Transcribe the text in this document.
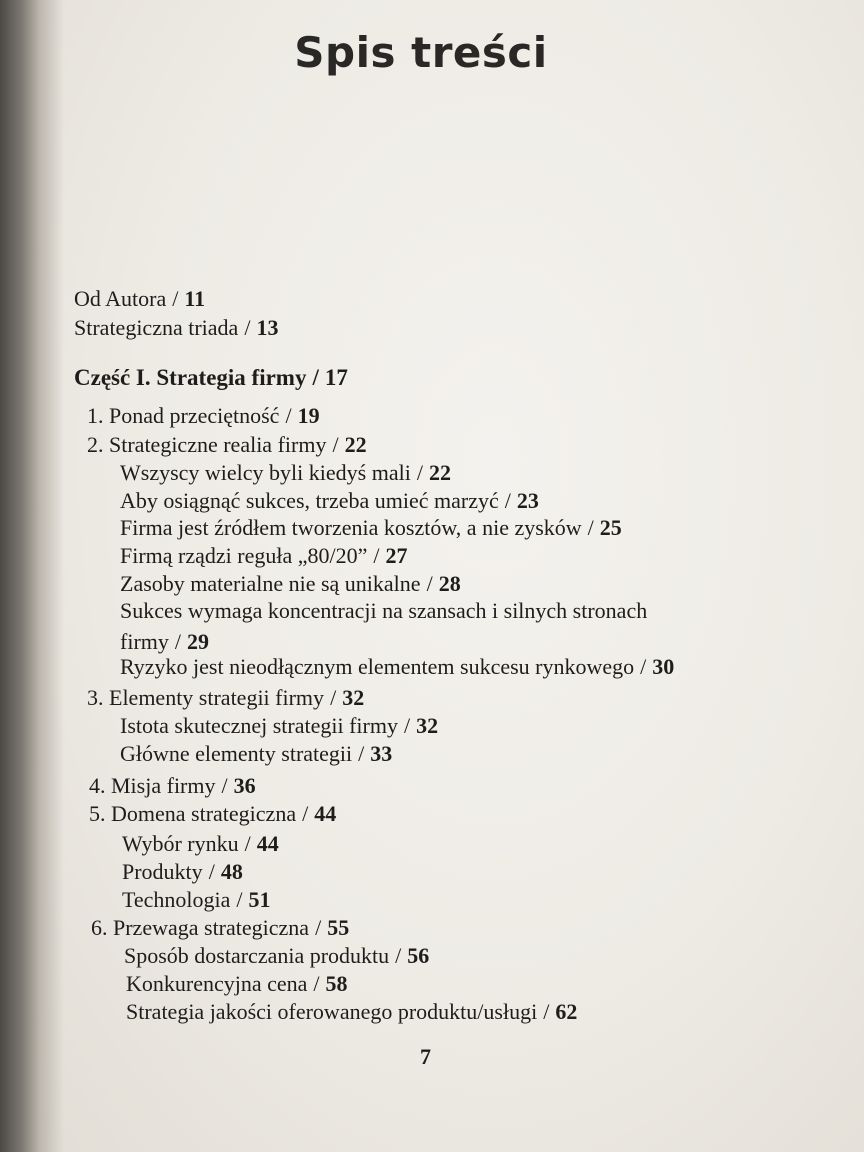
Spis treści
Od Autora / 11
Strategiczna triada / 13
Część I. Strategia firmy / 17
1. Ponad przeciętność / 19
2. Strategiczne realia firmy / 22
Wszyscy wielcy byli kiedyś mali / 22
Aby osiągnąć sukces, trzeba umieć marzyć / 23
Firma jest źródłem tworzenia kosztów, a nie zysków / 25
Firmą rządzi reguła „80/20” / 27
Zasoby materialne nie są unikalne / 28
Sukces wymaga koncentracji na szansach i silnych stronach
firmy / 29
Ryzyko jest nieodłącznym elementem sukcesu rynkowego / 30
3. Elementy strategii firmy / 32
Istota skutecznej strategii firmy / 32
Główne elementy strategii / 33
4. Misja firmy / 36
5. Domena strategiczna / 44
Wybór rynku / 44
Produkty / 48
Technologia / 51
6. Przewaga strategiczna / 55
Sposób dostarczania produktu / 56
Konkurencyjna cena / 58
Strategia jakości oferowanego produktu/usługi / 62
7
